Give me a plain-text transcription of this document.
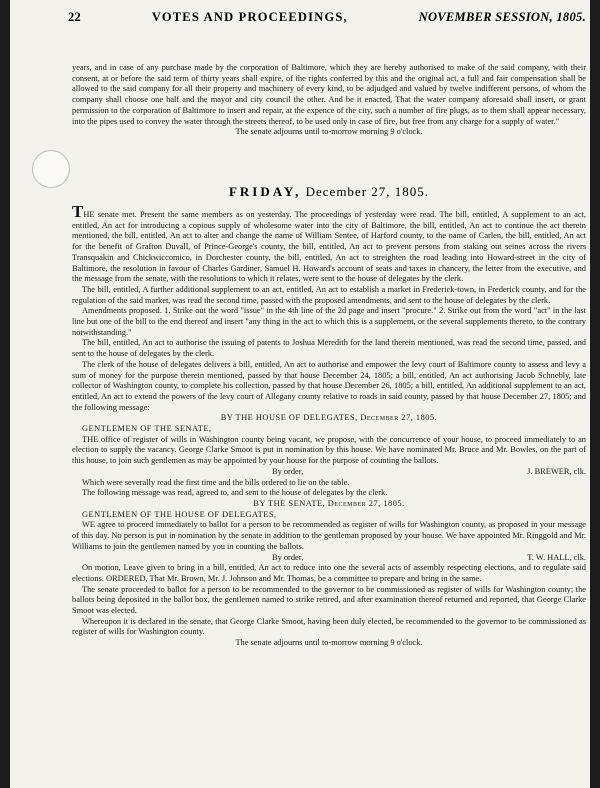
22	VOTES AND PROCEEDINGS,	NOVEMBER SESSION, 1805.

years, and in case of any purchase made by the corporation of Baltimore, which they are hereby authorised to make of the said company, with their consent, at or before the said term of thirty years shall expire, of the rights conferred by this and the original act, a full and fair compensation shall be allowed to the said company for all their property and machinery of every kind, to be adjudged and valued by twelve indifferent persons, of whom the company shall choose one half and the mayor and city council the other. And be it enacted, That the water company aforesaid shall insert, or grant permission to the corporation of Baltimore to insert and repair, at the expence of the city, such a number of fire plugs, as to them shall appear necessary, into the pipes used to convey the water through the streets thereof, to be used only in case of fire, but free from any charge for a supply of water."

The senate adjourns until to-morrow morning 9 o'clock.

FRIDAY, December 27, 1805.

THE senate met. Present the same members as on yesterday. The proceedings of yesterday were read. The bill, entitled, A supplement to an act, entitled, An act for introducing a copious supply of wholesome water into the city of Baltimore, the bill, entitled, An act to continue the act therein mentioned, the bill, entitled, An act to alter and change the name of William Sentee, of Harford county, to the name of Carlen, the bill, entitled, An act for the benefit of Grafton Duvall, of Prince-George's county, the bill, entitled, An act to prevent persons from staking out seines across the rivers Transquakin and Chickwiccomico, in Dorchester county, the bill, entitled, An act to streighten the road leading into Howard-street in the city of Baltimore, the resolution in favour of Charles Gardiner, Samuel H. Howard's account of seats and taxes in chancery, the letter from the executive, and the message from the senate, with the resolutions to which it relates, were sent to the house of delegates by the clerk.

The bill, entitled, A further additional supplement to an act, entitled, An act to establish a market in Frederick-town, in Frederick county, and for the regulation of the said market, was read the second time, passed with the proposed amendments, and sent to the house of delegates by the clerk.

Amendments proposed. 1. Strike out the word "issue" in the 4th line of the 2d page and insert "procure." 2. Strike out from the word "act" in the last line but one of the bill to the end thereof and insert "any thing in the act to which this is a supplement, or the several supplements thereto, to the contrary notwithstanding."

The bill, entitled, An act to authorise the issuing of patents to Joshua Meredith for the land therein mentioned, was read the second time, passed, and sent to the house of delegates by the clerk.

The clerk of the house of delegates delivers a bill, entitled, An act to authorise and empower the levy court of Baltimore county to assess and levy a sum of money for the purpose therein mentioned, passed by that house December 24, 1805; a bill, entitled, An act authorising Jacob Schnebly, late collector of Washington county, to complete his collection, passed by that house December 26, 1805; a bill, entitled, An additional supplement to an act, entitled, An act to extend the powers of the levy court of Allegany county relative to roads in said county, passed by that house December 27, 1805; and the following message:

BY THE HOUSE OF DELEGATES, December 27, 1805.

GENTLEMEN OF THE SENATE,

THE office of register of wills in Washington county being vacant, we propose, with the concurrence of your house, to proceed immediately to an election to supply the vacancy. George Clarke Smoot is put in nomination by this house. We have nominated Mr. Bruce and Mr. Bowles, on the part of this house, to join such gentlemen as may be appointed by your house for the purpose of counting the ballots.

By order,	J. BREWER, clk.

Which were severally read the first time and the bills ordered to lie on the table.

The following message was read, agreed to, and sent to the house of delegates by the clerk.

BY THE SENATE, December 27, 1805.

GENTLEMEN OF THE HOUSE OF DELEGATES,

WE agree to proceed immediately to ballot for a person to be recommended as register of wills for Washington county, as proposed in your message of this day. No person is put in nomination by the senate in addition to the gentleman proposed by your house. We have appointed Mr. Ringgold and Mr. Williams to join the gentlemen named by you in counting the ballots.

By order,	T. W. HALL, clk.

On motion, Leave given to bring in a bill, entitled, An act to reduce into one the several acts of assembly respecting elections, and to regulate said elections. ORDERED, That Mr. Brown, Mr. J. Johnson and Mr. Thomas, be a committee to prepare and bring in the same.

The senate proceeded to ballot for a person to be recommended to the governor to be commissioned as register of wills for Washington county; the ballots being deposited in the ballot box, the gentlemen named to strike retired, and after examination thereof returned and reported, that George Clarke Smoot was elected.

Whereupon it is declared in the senate, that George Clarke Smoot, having been duly elected, be recommended to the governor to be commissioned as register of wills for Washington county.

The senate adjourns until to-morrow morning 9 o'clock.
